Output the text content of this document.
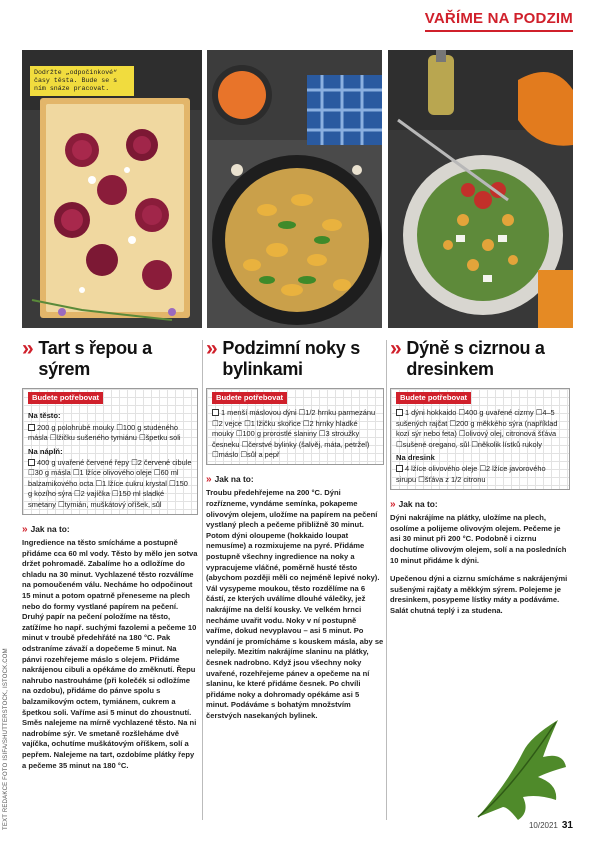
VAŘÍME NA PODZIM
Dodržte „odpočinkové“ časy těsta. Bude se s ním snáze pracovat.
TEXT REDAKCE FOTO ISIFA/SHUTTERSTOCK, ISTOCK.COM
» Tart s řepou a sýrem
Budete potřebovat
Na těsto:
200 g polohrubé mouky ☐100 g studeného másla ☐lžičku sušeného tymiánu ☐špetku soli
Na náplň:
400 g uvařené červené řepy ☐2 červené cibule ☐30 g másla ☐1 lžíce olivového oleje ☐60 ml balzamikového octa ☐1 lžíce cukru krystal ☐150 g kozího sýra ☐2 vajíčka ☐150 ml sladké smetany ☐tymián, muškátový oříšek, sůl
» Jak na to:

Ingredience na těsto smícháme a postupně přidáme cca 60 ml vody. Těsto by mělo jen sotva držet pohromadě. Zabalíme ho a odložíme do chladu na 30 minut. Vychlazené těsto rozválíme na pomoučeném válu. Necháme ho odpočinout 15 minut a potom opatrně přeneseme na plech nebo do formy vystlané papírem na pečení. Druhý papír na pečení položíme na těsto, zatížíme ho např. suchými fazolemi a pečeme 10 minut v troubě předehřáté na 180 °C. Pak odstraníme závaží a dopečeme 5 minut. Na pánvi rozehřejeme máslo s olejem. Přidáme nakrájenou cibuli a opékáme do změknutí. Řepu nahrubo nastrouháme (při kolečék si odložíme na ozdobu), přidáme do pánve spolu s balzamikovým octem, tymiánem, cukrem a špetkou soli. Vaříme asi 5 minut do zhoustnutí. Směs nalejeme na mírně vychlazené těsto. Na ni nadrobíme sýr. Ve smetaně rozšleháme dvě vajíčka, ochutíme muškátovým oříškem, solí a pepřem. Nalejeme na tart, ozdobíme plátky řepy a pečeme 35 minut na 180 °C.

» Podzimní noky s bylinkami
Budete potřebovat
1 menší máslovou dýni ☐1/2 hrnku parmezánu ☐2 vejce ☐1 lžičku skořice ☐2 hrnky hladké mouky ☐100 g prorostlé slaniny ☐3 stroužky česneku ☐čerstvé bylinky (šalvěj, máta, petržel) ☐máslo ☐sůl a pepř
» Jak na to:

Troubu předehřejeme na 200 °C. Dýni rozřízneme, vyndáme semínka, pokapeme olivovým olejem, uložíme na papírem na pečení vystlaný plech a pečeme přibližně 30 minut. Potom dýni oloupeme (hokkaido loupat nemusíme) a rozmixujeme na pyré. Přidáme postupně všechny ingredience na noky a vypracujeme vláčné, poměrně husté těsto (abychom později měli co nejméně lepivé noky). Vál vysypeme moukou, těsto rozdělíme na 6 částí, ze kterých uválíme dlouhé válečky, jež nakrájíme na delší kousky. Ve velkém hrnci necháme uvařit vodu. Noky v ní postupně vaříme, dokud nevyplavou – asi 5 minut. Po vyndání je promícháme s kouskem másla, aby se nelepily. Mezitím nakrájíme slaninu na plátky, česnek nadrobno. Když jsou všechny noky uvařené, rozehřejeme pánev a opečeme na ní slaninu, ke které přidáme česnek. Po chvíli přidáme noky a dohromady opékáme asi 5 minut. Podáváme s bohatým množstvím čerstvých nasekaných bylinek.

» Dýně s cizrnou a dresinkem
Budete potřebovat
1 dýni hokkaido ☐400 g uvařené cizrny ☐4–5 sušených rajčat ☐200 g měkkého sýra (například kozí sýr nebo feta) ☐olivový olej, citronová šťáva ☐sušené oregano, sůl ☐několik lístků rukoly
Na dresink
4 lžíce olivového oleje ☐2 lžíce javorového sirupu ☐šťáva z 1/2 citronu
» Jak na to:

Dýni nakrájíme na plátky, uložíme na plech, osolíme a polijeme olivovým olejem. Pečeme je asi 30 minut při 200 °C. Podobně i cizrnu dochutíme olivovým olejem, solí a na posledních 10 minut přidáme k dýni.

Upečenou dýni a cizrnu smícháme s nakrájenými sušenými rajčaty a měkkým sýrem. Polejeme je dresinkem, posypeme lístky máty a podáváme. Salát chutná teplý i za studena.

10/2021 31
